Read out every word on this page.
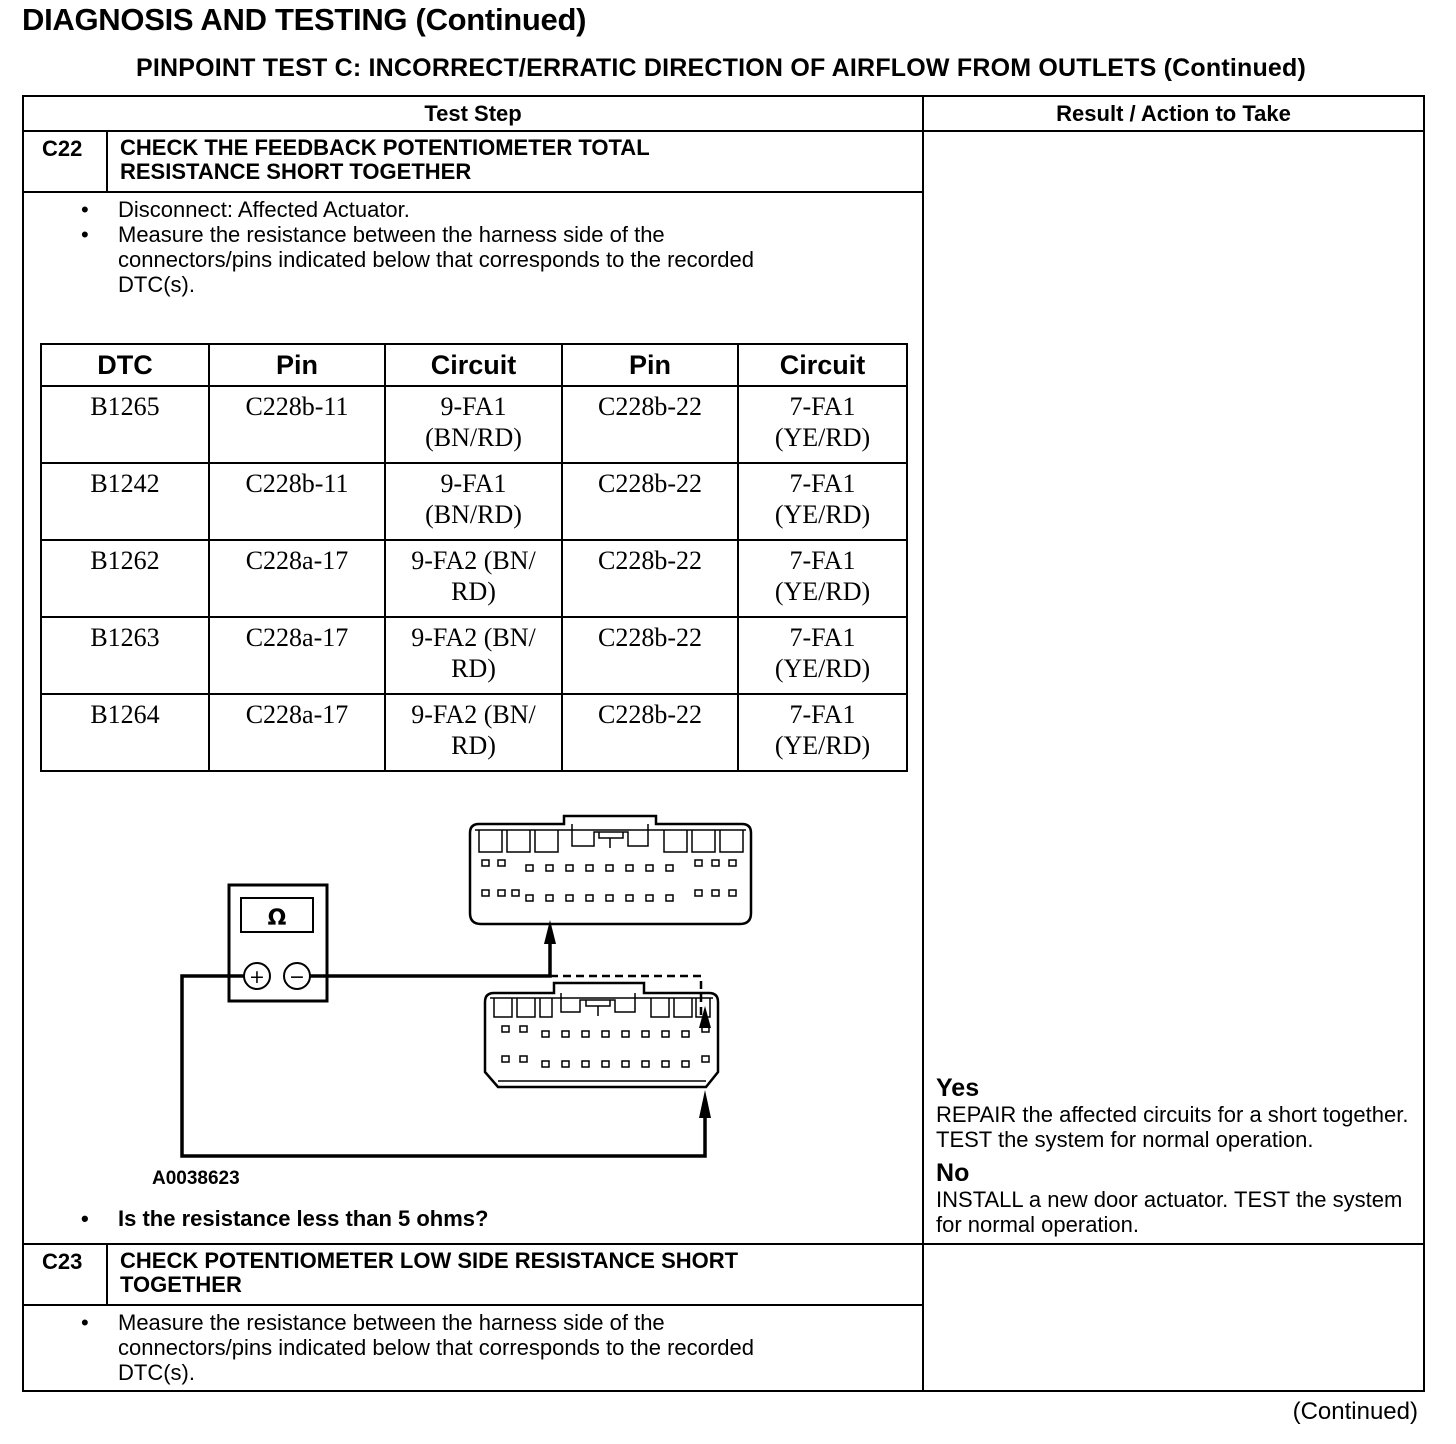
DIAGNOSIS AND TESTING (Continued)
PINPOINT TEST C: INCORRECT/ERRATIC DIRECTION OF AIRFLOW FROM OUTLETS (Continued)
Test Step	Result / Action to Take
C22	CHECK THE FEEDBACK POTENTIOMETER TOTAL
RESISTANCE SHORT TOGETHER

Yes
REPAIR the affected circuits for a short together. TEST the system for normal operation.
No
INSTALL a new door actuator. TEST the system for normal operation.

• Disconnect: Affected Actuator.
• Measure the resistance between the harness side of the connectors/pins indicated below that corresponds to the recorded DTC(s).
DTC	Pin	Circuit	Pin	Circuit
B1265	C228b-11	9-FA1 (BN/RD)	C228b-22	7-FA1 (YE/RD)
B1242	C228b-11	9-FA1 (BN/RD)	C228b-22	7-FA1 (YE/RD)
B1262	C228a-17	9-FA2 (BN/ RD)	C228b-22	7-FA1 (YE/RD)
B1263	C228a-17	9-FA2 (BN/ RD)	C228b-22	7-FA1 (YE/RD)
B1264	C228a-17	9-FA2 (BN/ RD)	C228b-22	7-FA1 (YE/RD)
Ω
+ −
A0038623
• Is the resistance less than 5 ohms?

C23	CHECK POTENTIOMETER LOW SIDE RESISTANCE SHORT
TOGETHER

• Measure the resistance between the harness side of the connectors/pins indicated below that corresponds to the recorded DTC(s).
(Continued)
